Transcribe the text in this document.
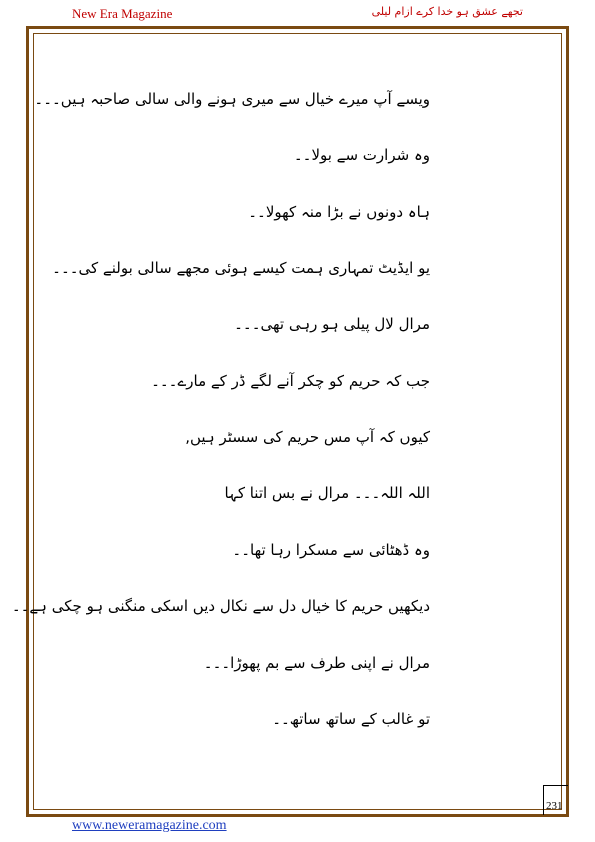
New Era Magazine	تجھے عشق ہو خدا کرے ازام لیلی
ویسے آپ میرے خیال سے میری ہونے والی سالی صاحبہ ہیں۔۔۔
وہ شرارت سے بولا۔۔
ہاہ دونوں نے بڑا منہ کھولا۔۔
یو ایڈیٹ تمہاری ہمت کیسے ہوئی مجھے سالی بولنے کی۔۔۔
مرال لال پیلی ہو رہی تھی۔۔۔
جب کہ حریم کو چکر آنے لگے ڈر کے مارے۔۔۔
کیوں کہ آپ مس حریم کی سسٹر ہیں,
اللہ اللہ۔۔۔ مرال نے بس اتنا کہا
وہ ڈھٹائی سے مسکرا رہا تھا۔۔
دیکھیں حریم کا خیال دل سے نکال دیں اسکی منگنی ہو چکی ہے۔۔
مرال نے اپنی طرف سے بم پھوڑا۔۔۔
تو غالب کے ساتھ ساتھ۔۔
231
www.neweramagazine.com
